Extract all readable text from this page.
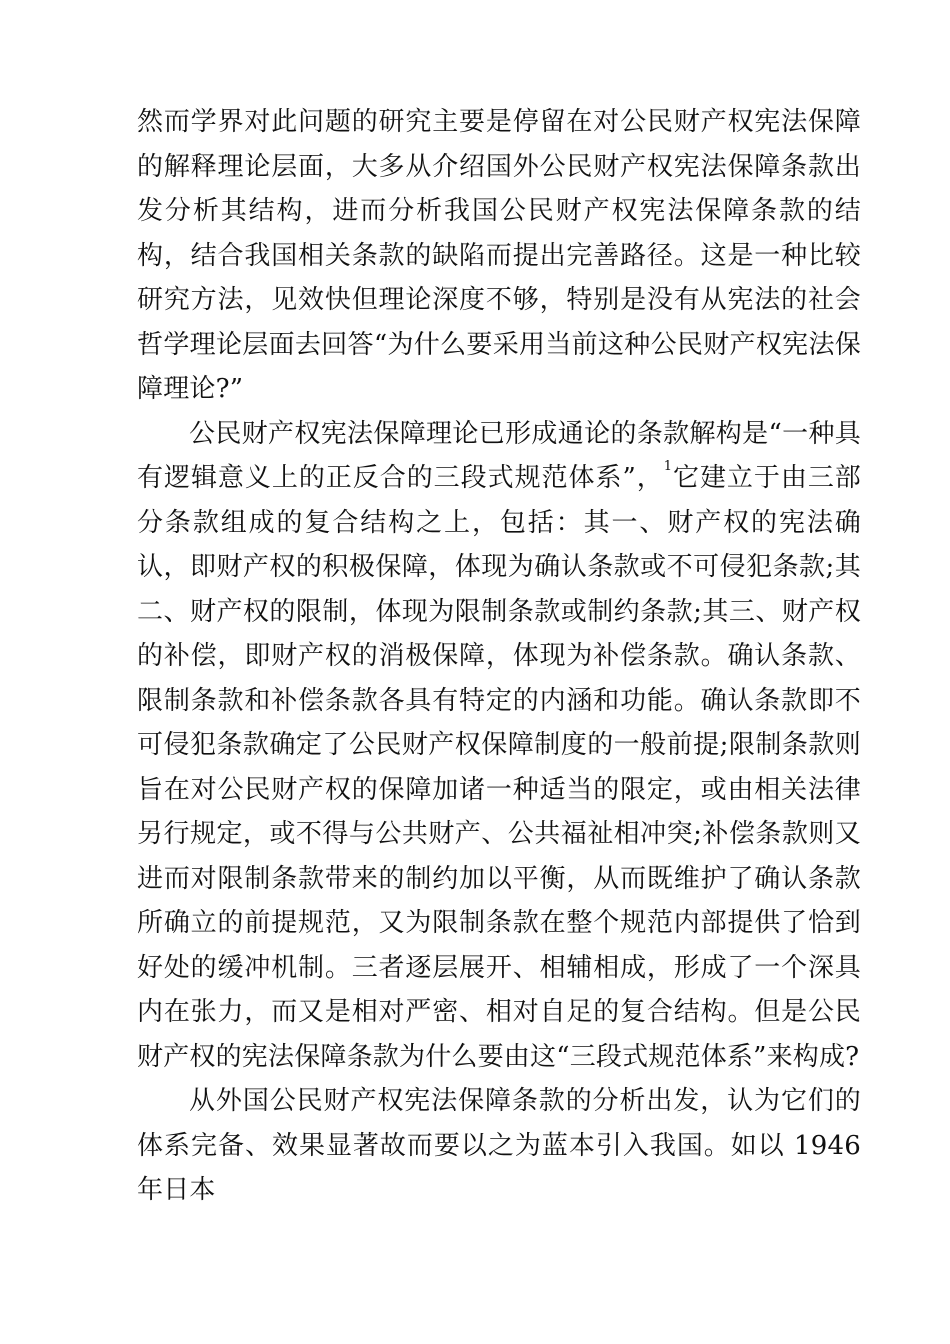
然而学界对此问题的研究主要是停留在对公民财产权宪法保障的解释理论层面，大多从介绍国外公民财产权宪法保障条款出发分析其结构，进而分析我国公民财产权宪法保障条款的结构，结合我国相关条款的缺陷而提出完善路径。这是一种比较研究方法，见效快但理论深度不够，特别是没有从宪法的社会哲学理论层面去回答“为什么要采用当前这种公民财产权宪法保障理论?”

公民财产权宪法保障理论已形成通论的条款解构是“一种具有逻辑意义上的正反合的三段式规范体系”，$^1$它建立于由三部分条款组成的复合结构之上，包括：其一、财产权的宪法确认，即财产权的积极保障，体现为确认条款或不可侵犯条款;其二、财产权的限制，体现为限制条款或制约条款;其三、财产权的补偿，即财产权的消极保障，体现为补偿条款。确认条款、限制条款和补偿条款各具有特定的内涵和功能。确认条款即不可侵犯条款确定了公民财产权保障制度的一般前提;限制条款则旨在对公民财产权的保障加诸一种适当的限定，或由相关法律另行规定，或不得与公共财产、公共福祉相冲突;补偿条款则又进而对限制条款带来的制约加以平衡，从而既维护了确认条款所确立的前提规范，又为限制条款在整个规范内部提供了恰到好处的缓冲机制。三者逐层展开、相辅相成，形成了一个深具内在张力，而又是相对严密、相对自足的复合结构。但是公民财产权的宪法保障条款为什么要由这“三段式规范体系”来构成?

从外国公民财产权宪法保障条款的分析出发，认为它们的体系完备、效果显著故而要以之为蓝本引入我国。如以 1946 年日本
